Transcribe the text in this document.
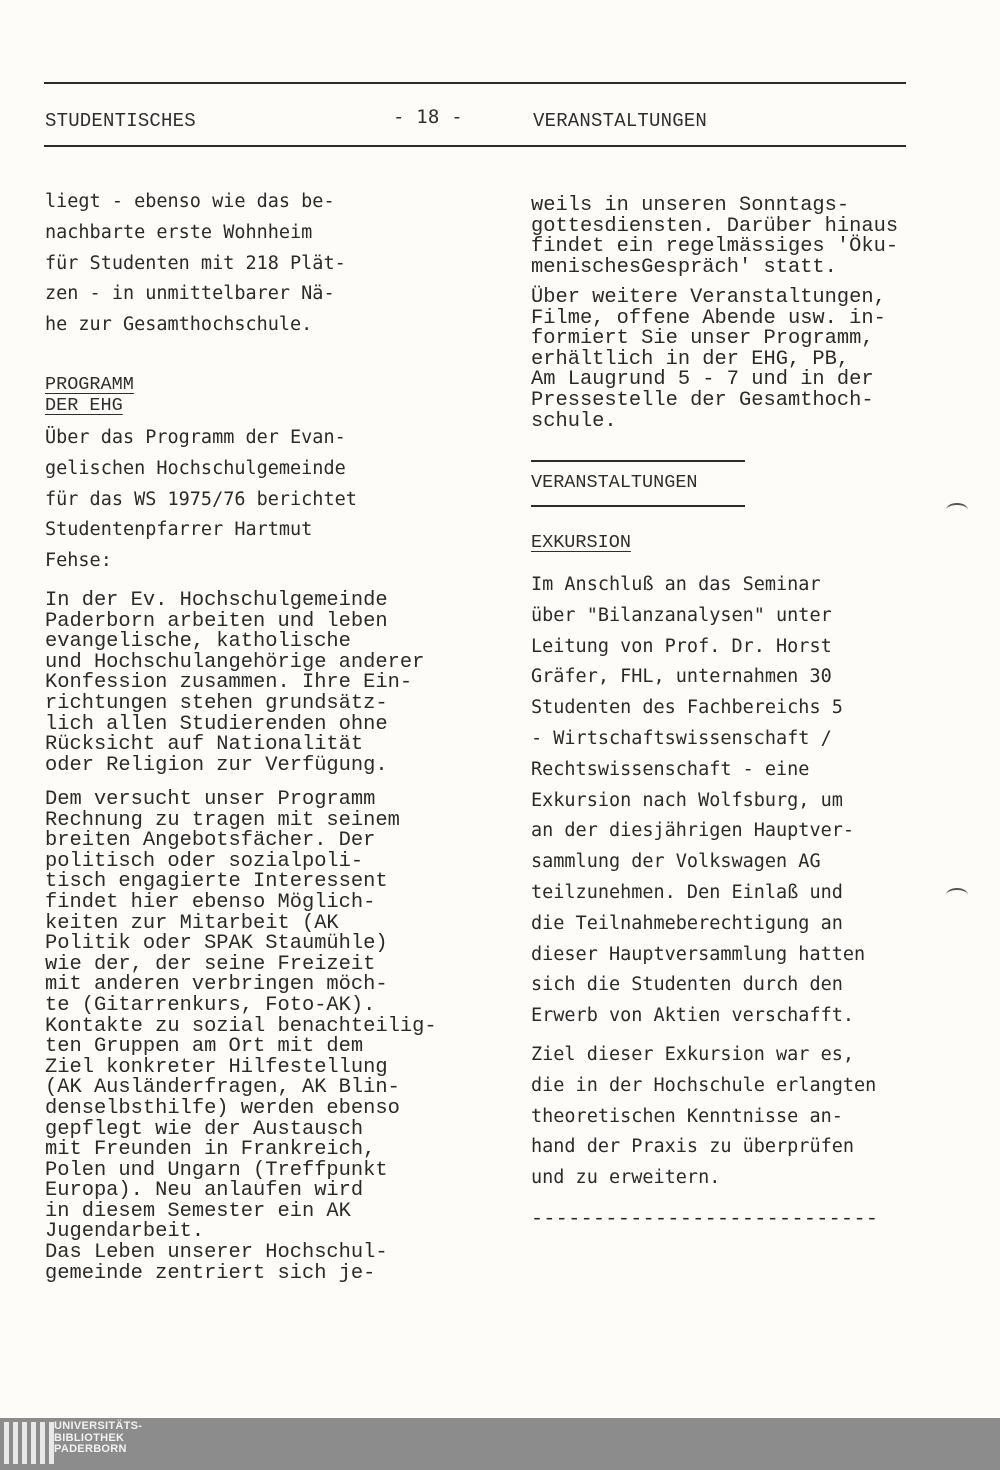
STUDENTISCHES	- 18 -	VERANSTALTUNGEN

liegt - ebenso wie das be-
nachbarte erste Wohnheim
für Studenten mit 218 Plät-
zen - in unmittelbarer Nä-
he zur Gesamthochschule.

PROGRAMM DER EHG

Über das Programm der Evan-
gelischen Hochschulgemeinde
für das WS 1975/76 berichtet
Studentenpfarrer Hartmut
Fehse:

In der Ev. Hochschulgemeinde
Paderborn arbeiten und leben
evangelische, katholische
und Hochschulangehörige anderer
Konfession zusammen. Ihre Ein-
richtungen stehen grundsätz-
lich allen Studierenden ohne
Rücksicht auf Nationalität
oder Religion zur Verfügung.

Dem versucht unser Programm
Rechnung zu tragen mit seinem
breiten Angebotsfächer. Der
politisch oder sozialpoli-
tisch engagierte Interessent
findet hier ebenso Möglich-
keiten zur Mitarbeit (AK
Politik oder SPAK Staumühle)
wie der, der seine Freizeit
mit anderen verbringen möch-
te (Gitarrenkurs, Foto-AK).
Kontakte zu sozial benachteilig-
ten Gruppen am Ort mit dem
Ziel konkreter Hilfestellung
(AK Ausländerfragen, AK Blin-
denselbsthilfe) werden ebenso
gepflegt wie der Austausch
mit Freunden in Frankreich,
Polen und Ungarn (Treffpunkt
Europa). Neu anlaufen wird
in diesem Semester ein AK
Jugendarbeit.
Das Leben unserer Hochschul-
gemeinde zentriert sich je-

weils in unseren Sonntags-
gottesdiensten. Darüber hinaus
findet ein regelmässiges 'Öku-
menischesGespräch' statt.

Über weitere Veranstaltungen,
Filme, offene Abende usw. in-
formiert Sie unser Programm,
erhältlich in der EHG, PB,
Am Laugrund 5 - 7 und in der
Pressestelle der Gesamthoch-
schule.

VERANSTALTUNGEN
EXKURSION

Im Anschluß an das Seminar
über "Bilanzanalysen" unter
Leitung von Prof. Dr. Horst
Gräfer, FHL, unternahmen 30
Studenten des Fachbereichs 5
- Wirtschaftswissenschaft /
Rechtswissenschaft - eine
Exkursion nach Wolfsburg, um
an der diesjährigen Hauptver-
sammlung der Volkswagen AG
teilzunehmen. Den Einlaß und
die Teilnahmeberechtigung an
dieser Hauptversammlung hatten
sich die Studenten durch den
Erwerb von Aktien verschafft.

Ziel dieser Exkursion war es,
die in der Hochschule erlangten
theoretischen Kenntnisse an-
hand der Praxis zu überprüfen
und zu erweitern.

----------------------------
UNIVERSITÄTS-
BIBLIOTHEK
PADERBORN
